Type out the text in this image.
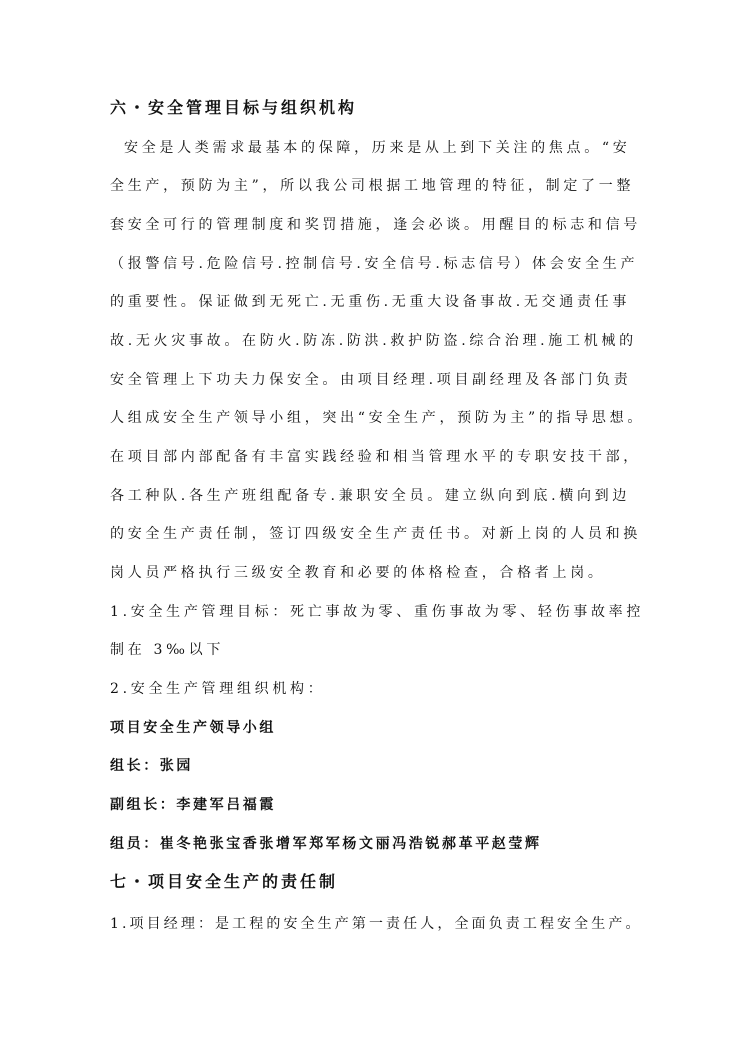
六・安全管理目标与组织机构
安全是人类需求最基本的保障，历来是从上到下关注的焦点。“安
全生产，预防为主”，所以我公司根据工地管理的特征，制定了一整
套安全可行的管理制度和奖罚措施，逢会必谈。用醒目的标志和信号
（报警信号.危险信号.控制信号.安全信号.标志信号）体会安全生产
的重要性。保证做到无死亡.无重伤.无重大设备事故.无交通责任事
故.无火灾事故。在防火.防冻.防洪.救护防盗.综合治理.施工机械的
安全管理上下功夫力保安全。由项目经理.项目副经理及各部门负责
人组成安全生产领导小组，突出“安全生产，预防为主”的指导思想。
在项目部内部配备有丰富实践经验和相当管理水平的专职安技干部，
各工种队.各生产班组配备专.兼职安全员。建立纵向到底.横向到边
的安全生产责任制，签订四级安全生产责任书。对新上岗的人员和换
岗人员严格执行三级安全教育和必要的体格检查，合格者上岗。
1.安全生产管理目标：死亡事故为零、重伤事故为零、轻伤事故率控
制在 3‰以下
2.安全生产管理组织机构：
项目安全生产领导小组
组长：张园
副组长：李建军吕福霞
组员：崔冬艳张宝香张增军郑军杨文丽冯浩锐郝革平赵莹辉
七・项目安全生产的责任制
1.项目经理：是工程的安全生产第一责任人，全面负责工程安全生产。
